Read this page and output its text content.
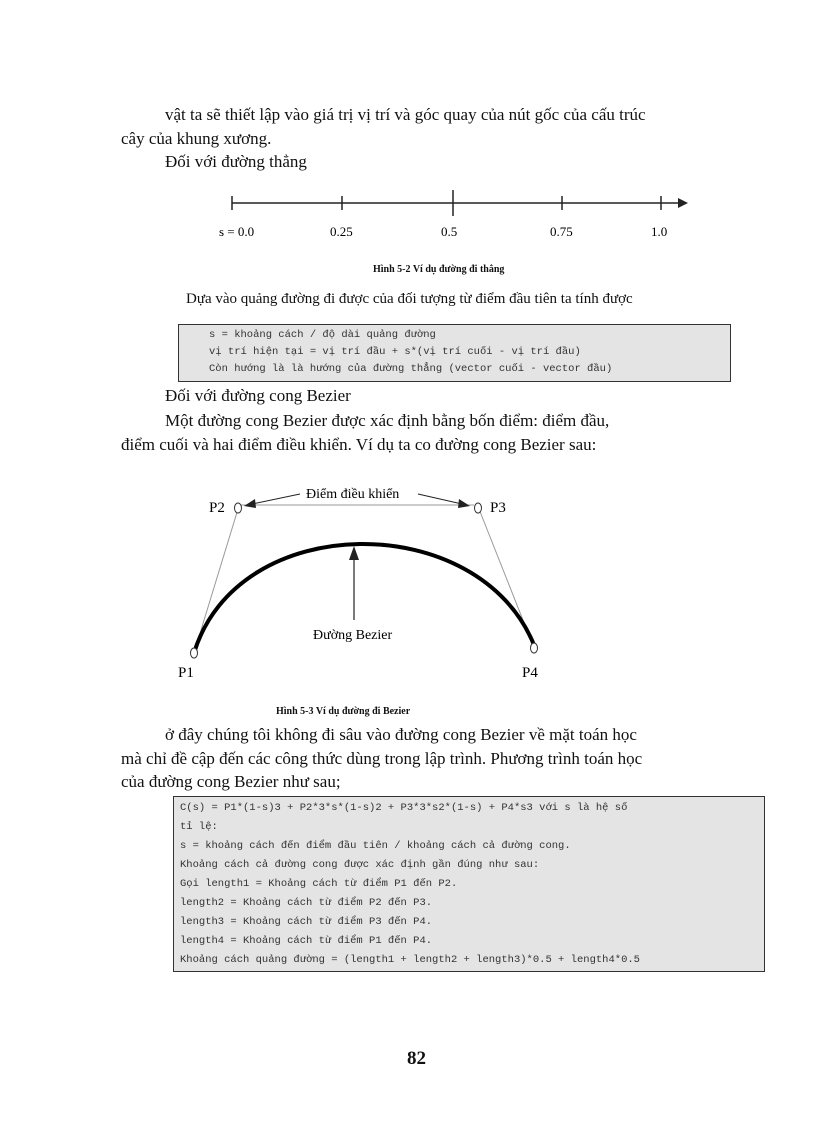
vật ta sẽ thiết lập vào giá trị vị trí và góc quay của nút gốc của cấu trúc
cây của khung xương.
Đối với đường thẳng
s = 0.0	0.25	0.5	0.75	1.0
Hình 5-2 Ví dụ đường đi thẳng
Dựa vào quảng đường đi được của đối tượng từ điểm đầu tiên ta tính được
s = khoảng cách / độ dài quảng đường
vị trí hiện tại = vị trí đầu + s*(vị trí cuối - vị trí đầu)
Còn hướng là là hướng của đường thẳng (vector cuối - vector đầu)
Đối với đường cong Bezier
Một đường cong Bezier được xác định bằng bốn điểm: điểm đầu,
điểm cuối và hai điểm điều khiển. Ví dụ ta co đường cong Bezier sau:
P2	P3
P1	P4
Điểm điều khiển
Đường Bezier
Hình 5-3 Ví dụ đường đi Bezier
ở đây chúng tôi không đi sâu vào đường cong Bezier về mặt toán học
mà chỉ đề cập đến các công thức dùng trong lập trình. Phương trình toán học
của đường cong Bezier như sau;
C(s) = P1*(1-s)3 + P2*3*s*(1-s)2 + P3*3*s2*(1-s) + P4*s3 với s là hệ số
tỉ lệ:
s = khoảng cách đến điểm đầu tiên / khoảng cách cả đường cong.
Khoảng cách cả đường cong được xác định gần đúng như sau:
Gọi length1 = Khoảng cách từ điểm P1 đến P2.
length2 = Khoảng cách từ điểm P2 đến P3.
length3 = Khoảng cách từ điểm P3 đến P4.
length4 = Khoảng cách từ điểm P1 đến P4.
Khoảng cách quảng đường = (length1 + length2 + length3)*0.5 + length4*0.5
82
